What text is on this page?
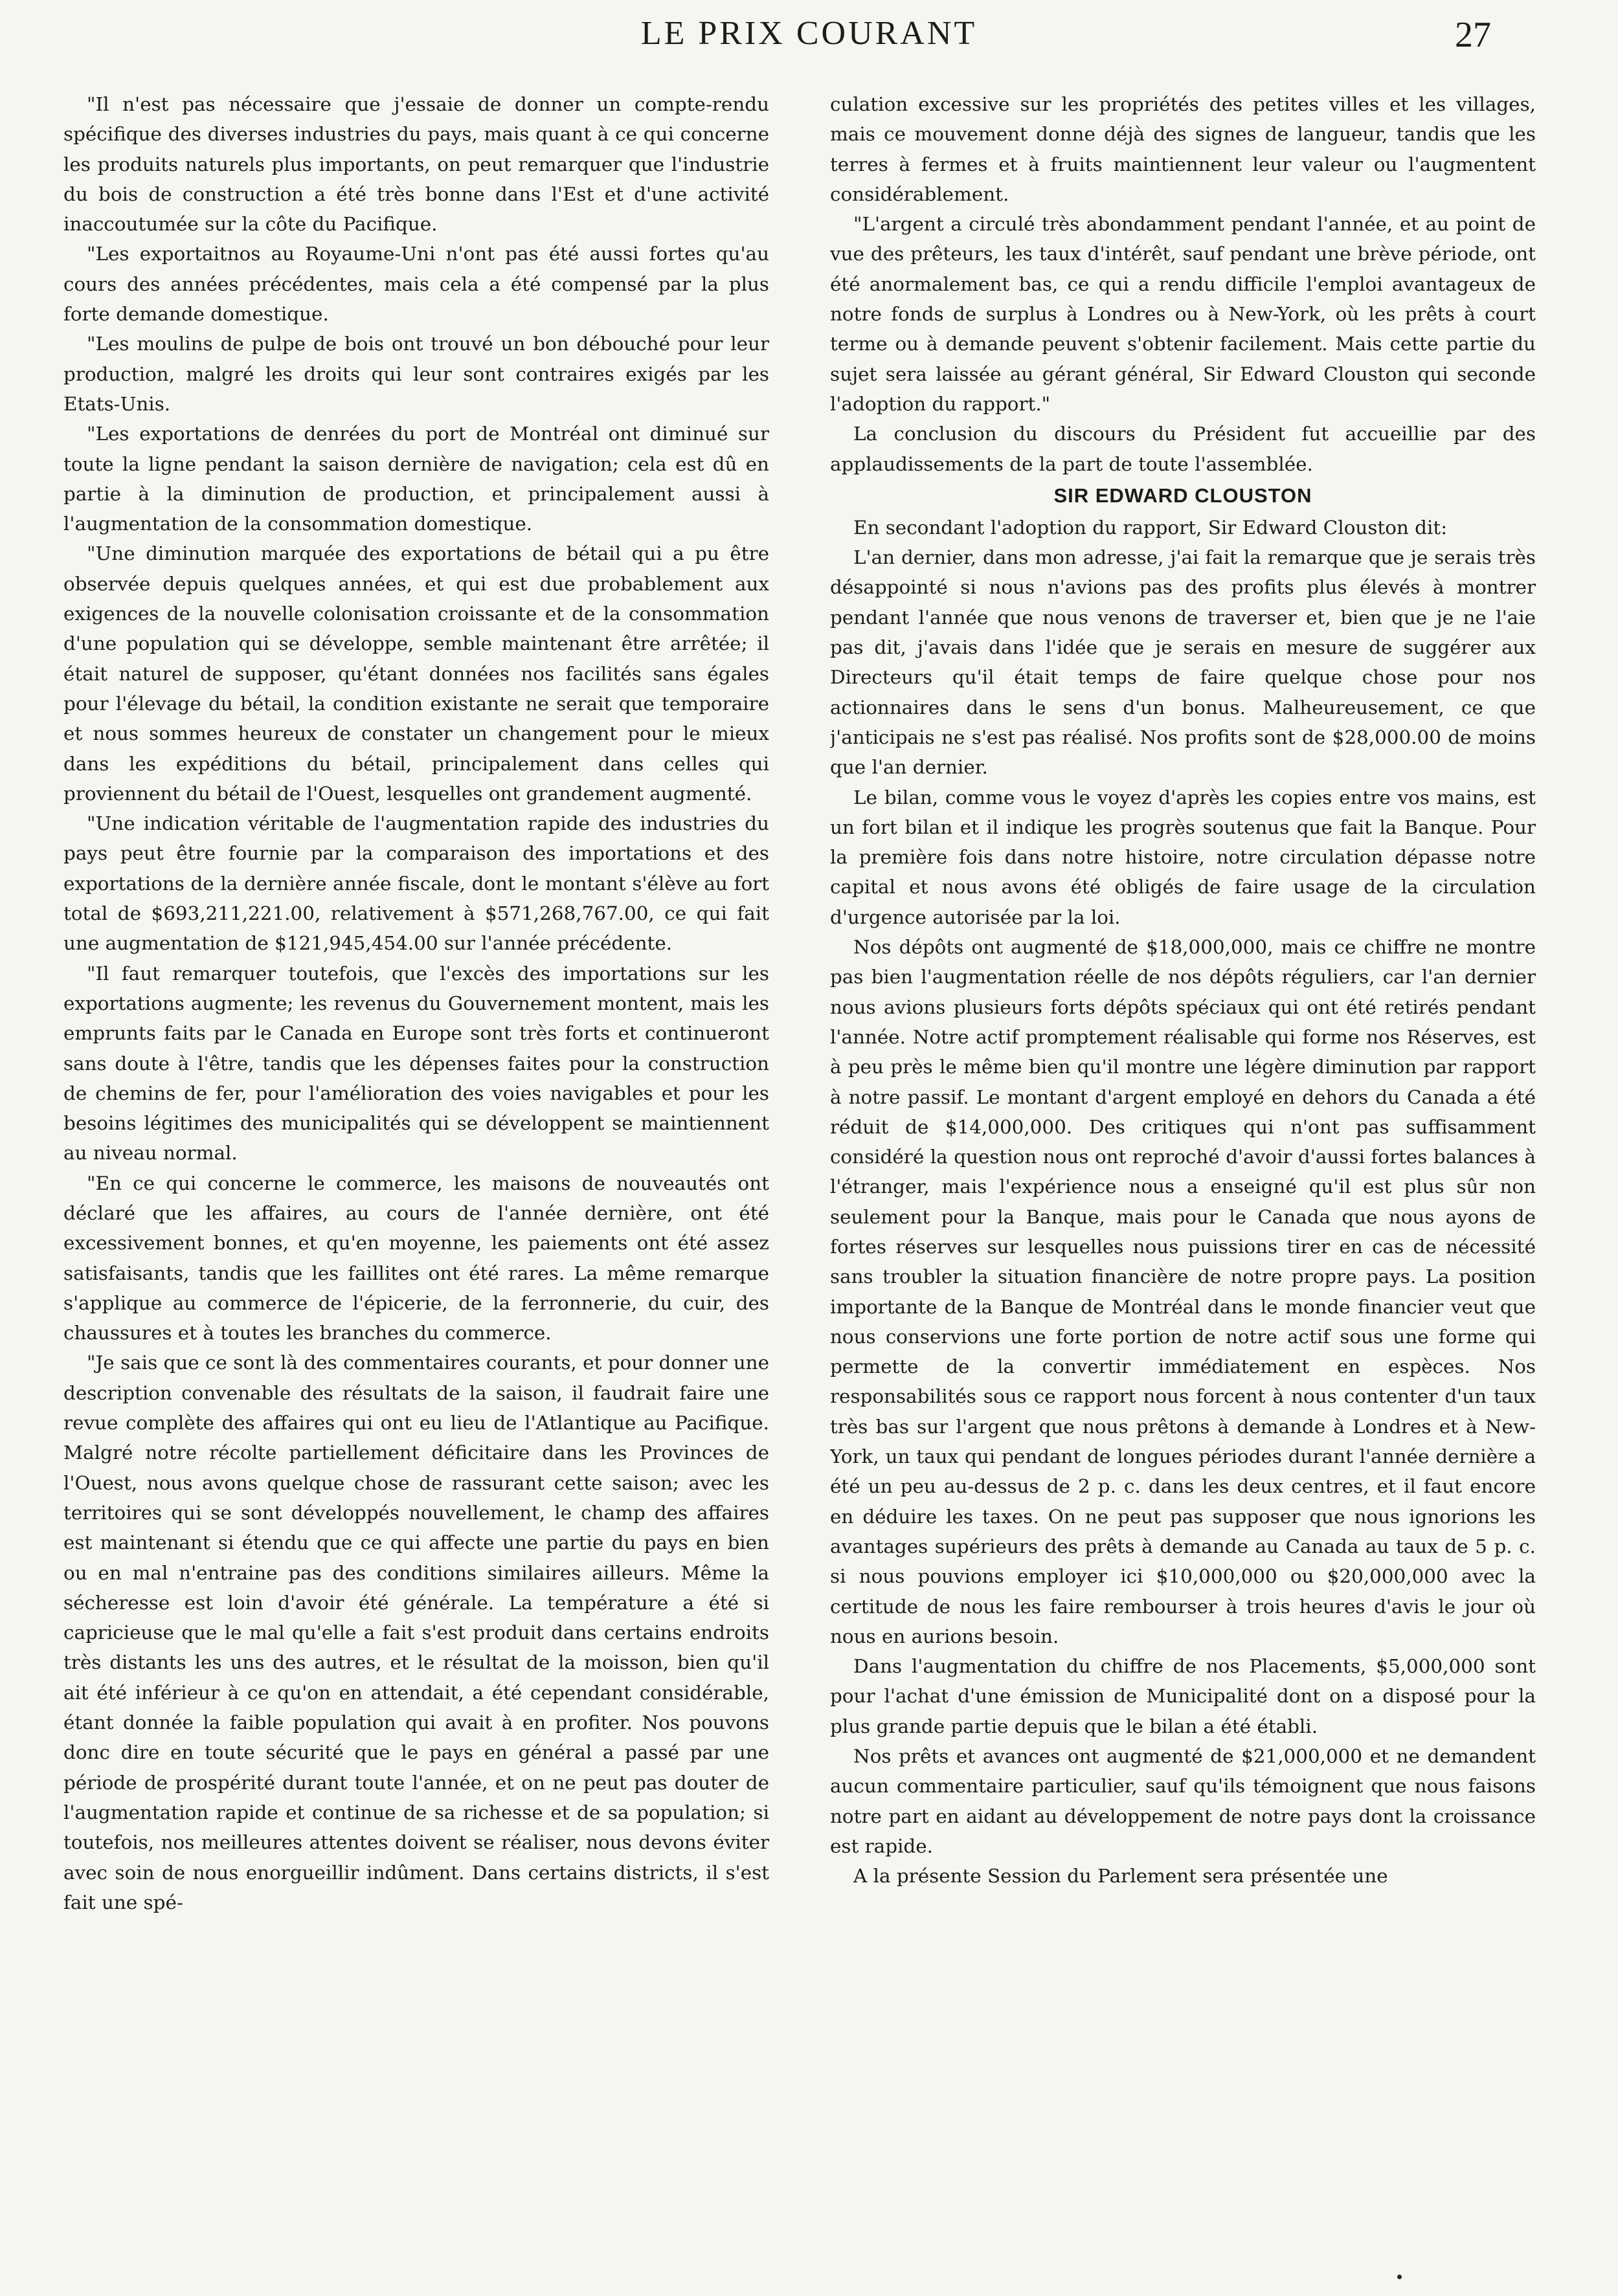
LE PRIX COURANT	27

"Il n'est pas nécessaire que j'essaie de donner un compte-rendu spécifique des diverses industries du pays, mais quant à ce qui concerne les produits naturels plus importants, on peut remarquer que l'industrie du bois de construction a été très bonne dans l'Est et d'une activité inaccoutumée sur la côte du Pacifique.

"Les exportaitnos au Royaume-Uni n'ont pas été aussi fortes qu'au cours des années précédentes, mais cela a été compensé par la plus forte demande domestique.

"Les moulins de pulpe de bois ont trouvé un bon débouché pour leur production, malgré les droits qui leur sont contraires exigés par les Etats-Unis.

"Les exportations de denrées du port de Montréal ont diminué sur toute la ligne pendant la saison dernière de navigation; cela est dû en partie à la diminution de production, et principalement aussi à l'augmentation de la consommation domestique.

"Une diminution marquée des exportations de bétail qui a pu être observée depuis quelques années, et qui est due probablement aux exigences de la nouvelle colonisation croissante et de la consommation d'une population qui se développe, semble maintenant être arrêtée; il était naturel de supposer, qu'étant données nos facilités sans égales pour l'élevage du bétail, la condition existante ne serait que temporaire et nous sommes heureux de constater un changement pour le mieux dans les expéditions du bétail, principalement dans celles qui proviennent du bétail de l'Ouest, lesquelles ont grandement augmenté.

"Une indication véritable de l'augmentation rapide des industries du pays peut être fournie par la comparaison des importations et des exportations de la dernière année fiscale, dont le montant s'élève au fort total de $693,211,221.00, relativement à $571,268,767.00, ce qui fait une augmentation de $121,945,454.00 sur l'année précédente.

"Il faut remarquer toutefois, que l'excès des importations sur les exportations augmente; les revenus du Gouvernement montent, mais les emprunts faits par le Canada en Europe sont très forts et continueront sans doute à l'être, tandis que les dépenses faites pour la construction de chemins de fer, pour l'amélioration des voies navigables et pour les besoins légitimes des municipalités qui se développent se maintiennent au niveau normal.

"En ce qui concerne le commerce, les maisons de nouveautés ont déclaré que les affaires, au cours de l'année dernière, ont été excessivement bonnes, et qu'en moyenne, les paiements ont été assez satisfaisants, tandis que les faillites ont été rares. La même remarque s'applique au commerce de l'épicerie, de la ferronnerie, du cuir, des chaussures et à toutes les branches du commerce.

"Je sais que ce sont là des commentaires courants, et pour donner une description convenable des résultats de la saison, il faudrait faire une revue complète des affaires qui ont eu lieu de l'Atlantique au Pacifique. Malgré notre récolte partiellement déficitaire dans les Provinces de l'Ouest, nous avons quelque chose de rassurant cette saison; avec les territoires qui se sont développés nouvellement, le champ des affaires est maintenant si étendu que ce qui affecte une partie du pays en bien ou en mal n'entraine pas des conditions similaires ailleurs. Même la sécheresse est loin d'avoir été générale. La température a été si capricieuse que le mal qu'elle a fait s'est produit dans certains endroits très distants les uns des autres, et le résultat de la moisson, bien qu'il ait été inférieur à ce qu'on en attendait, a été cependant considérable, étant donnée la faible population qui avait à en profiter. Nos pouvons donc dire en toute sécurité que le pays en général a passé par une période de prospérité durant toute l'année, et on ne peut pas douter de l'augmentation rapide et continue de sa richesse et de sa population; si toutefois, nos meilleures attentes doivent se réaliser, nous devons éviter avec soin de nous enorgueillir indûment. Dans certains districts, il s'est fait une spé-

culation excessive sur les propriétés des petites villes et les villages, mais ce mouvement donne déjà des signes de langueur, tandis que les terres à fermes et à fruits maintiennent leur valeur ou l'augmentent considérablement.

"L'argent a circulé très abondamment pendant l'année, et au point de vue des prêteurs, les taux d'intérêt, sauf pendant une brève période, ont été anormalement bas, ce qui a rendu difficile l'emploi avantageux de notre fonds de surplus à Londres ou à New-York, où les prêts à court terme ou à demande peuvent s'obtenir facilement. Mais cette partie du sujet sera laissée au gérant général, Sir Edward Clouston qui seconde l'adoption du rapport."

La conclusion du discours du Président fut accueillie par des applaudissements de la part de toute l'assemblée.

SIR EDWARD CLOUSTON

En secondant l'adoption du rapport, Sir Edward Clouston dit:

L'an dernier, dans mon adresse, j'ai fait la remarque que je serais très désappointé si nous n'avions pas des profits plus élevés à montrer pendant l'année que nous venons de traverser et, bien que je ne l'aie pas dit, j'avais dans l'idée que je serais en mesure de suggérer aux Directeurs qu'il était temps de faire quelque chose pour nos actionnaires dans le sens d'un bonus. Malheureusement, ce que j'anticipais ne s'est pas réalisé. Nos profits sont de $28,000.00 de moins que l'an dernier.

Le bilan, comme vous le voyez d'après les copies entre vos mains, est un fort bilan et il indique les progrès soutenus que fait la Banque. Pour la première fois dans notre histoire, notre circulation dépasse notre capital et nous avons été obligés de faire usage de la circulation d'urgence autorisée par la loi.

Nos dépôts ont augmenté de $18,000,000, mais ce chiffre ne montre pas bien l'augmentation réelle de nos dépôts réguliers, car l'an dernier nous avions plusieurs forts dépôts spéciaux qui ont été retirés pendant l'année. Notre actif promptement réalisable qui forme nos Réserves, est à peu près le même bien qu'il montre une légère diminution par rapport à notre passif. Le montant d'argent employé en dehors du Canada a été réduit de $14,000,000. Des critiques qui n'ont pas suffisamment considéré la question nous ont reproché d'avoir d'aussi fortes balances à l'étranger, mais l'expérience nous a enseigné qu'il est plus sûr non seulement pour la Banque, mais pour le Canada que nous ayons de fortes réserves sur lesquelles nous puissions tirer en cas de nécessité sans troubler la situation financière de notre propre pays. La position importante de la Banque de Montréal dans le monde financier veut que nous conservions une forte portion de notre actif sous une forme qui permette de la convertir immédiatement en espèces. Nos responsabilités sous ce rapport nous forcent à nous contenter d'un taux très bas sur l'argent que nous prêtons à demande à Londres et à New-York, un taux qui pendant de longues périodes durant l'année dernière a été un peu au-dessus de 2 p. c. dans les deux centres, et il faut encore en déduire les taxes. On ne peut pas supposer que nous ignorions les avantages supérieurs des prêts à demande au Canada au taux de 5 p. c. si nous pouvions employer ici $10,000,000 ou $20,000,000 avec la certitude de nous les faire rembourser à trois heures d'avis le jour où nous en aurions besoin.

Dans l'augmentation du chiffre de nos Placements, $5,000,000 sont pour l'achat d'une émission de Municipalité dont on a disposé pour la plus grande partie depuis que le bilan a été établi.

Nos prêts et avances ont augmenté de $21,000,000 et ne demandent aucun commentaire particulier, sauf qu'ils témoignent que nous faisons notre part en aidant au développement de notre pays dont la croissance est rapide.

A la présente Session du Parlement sera présentée une
